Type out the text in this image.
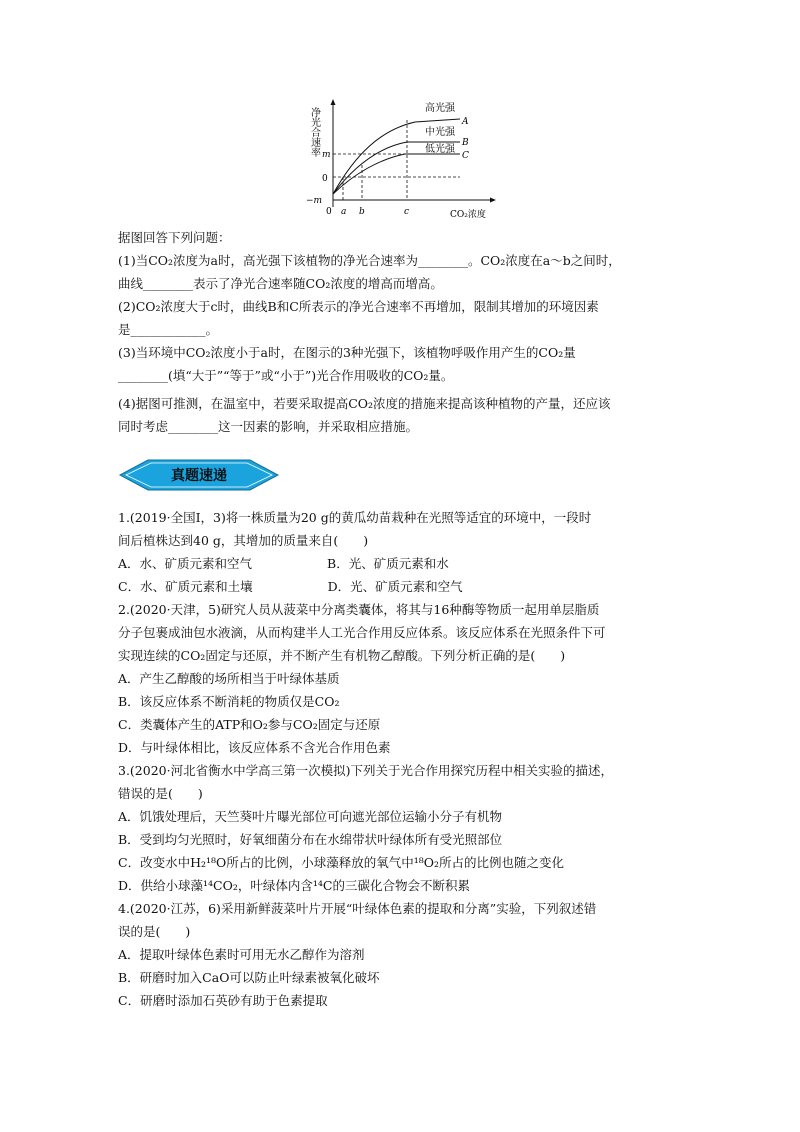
净光合速率 m
0
−m
0 a b	c	CO₂浓度
高光强
A
中光强
B
低光强
C
据图回答下列问题：
(1)当CO₂浓度为a时，高光强下该植物的净光合速率为________。CO₂浓度在a～b之间时，
曲线________表示了净光合速率随CO₂浓度的增高而增高。
(2)CO₂浓度大于c时，曲线B和C所表示的净光合速率不再增加，限制其增加的环境因素
是____________。
(3)当环境中CO₂浓度小于a时，在图示的3种光强下，该植物呼吸作用产生的CO₂量
________(填“大于”“等于”或“小于”)光合作用吸收的CO₂量。
(4)据图可推测，在温室中，若要采取提高CO₂浓度的措施来提高该种植物的产量，还应该
同时考虑________这一因素的影响，并采取相应措施。
真题速递
1.(2019·全国Ⅰ，3)将一株质量为20 g的黄瓜幼苗栽种在光照等适宜的环境中，一段时
间后植株达到40 g，其增加的质量来自(　　)
A．水、矿质元素和空气　　　　　　B．光、矿质元素和水
C．水、矿质元素和土壤　　　　　　D．光、矿质元素和空气
2.(2020·天津，5)研究人员从菠菜中分离类囊体，将其与16种酶等物质一起用单层脂质
分子包裹成油包水液滴，从而构建半人工光合作用反应体系。该反应体系在光照条件下可
实现连续的CO₂固定与还原，并不断产生有机物乙醇酸。下列分析正确的是(　　)
A．产生乙醇酸的场所相当于叶绿体基质
B．该反应体系不断消耗的物质仅是CO₂
C．类囊体产生的ATP和O₂参与CO₂固定与还原
D．与叶绿体相比，该反应体系不含光合作用色素
3.(2020·河北省衡水中学高三第一次模拟)下列关于光合作用探究历程中相关实验的描述，
错误的是(　　)
A．饥饿处理后，天竺葵叶片曝光部位可向遮光部位运输小分子有机物
B．受到均匀光照时，好氧细菌分布在水绵带状叶绿体所有受光照部位
C．改变水中H₂¹⁸O所占的比例，小球藻释放的氧气中¹⁸O₂所占的比例也随之变化
D．供给小球藻¹⁴CO₂，叶绿体内含¹⁴C的三碳化合物会不断积累
4.(2020·江苏，6)采用新鲜菠菜叶片开展“叶绿体色素的提取和分离”实验，下列叙述错
误的是(　　)
A．提取叶绿体色素时可用无水乙醇作为溶剂
B．研磨时加入CaO可以防止叶绿素被氧化破坏
C．研磨时添加石英砂有助于色素提取
